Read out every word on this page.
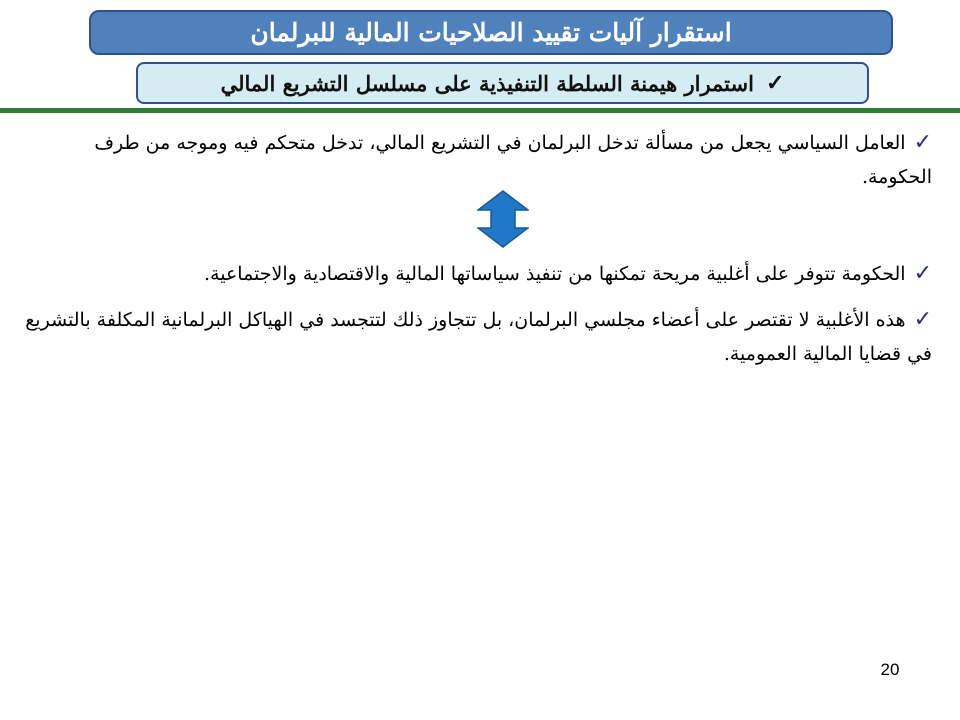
استقرار آليات تقييد الصلاحيات المالية للبرلمان
✓
استمرار هيمنة السلطة التنفيذية على مسلسل التشريع المالي
✓العامل السياسي يجعل من مسألة تدخل البرلمان في التشريع المالي، تدخل متحكم فيه وموجه من طرف الحكومة.
✓الحكومة تتوفر على أغلبية مريحة تمكنها من تنفيذ سياساتها المالية والاقتصادية والاجتماعية.
✓هذه الأغلبية لا تقتصر على أعضاء مجلسي البرلمان، بل تتجاوز ذلك لتتجسد في الهياكل البرلمانية المكلفة بالتشريع في قضايا المالية العمومية.
20
